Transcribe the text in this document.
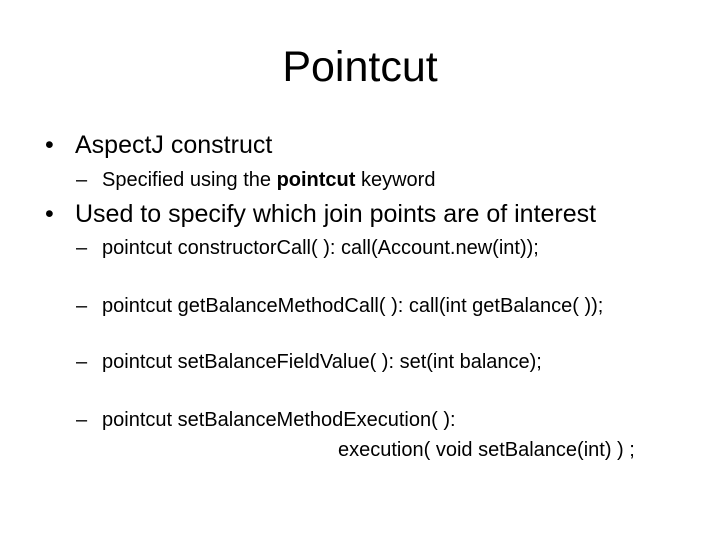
Pointcut
• AspectJ construct
– Specified using the pointcut keyword
• Used to specify which join points are of interest
– pointcut constructorCall( ): call(Account.new(int));
– pointcut getBalanceMethodCall( ): call(int getBalance( ));
– pointcut setBalanceFieldValue( ): set(int balance);
– pointcut setBalanceMethodExecution( ):
execution( void setBalance(int) ) ;
